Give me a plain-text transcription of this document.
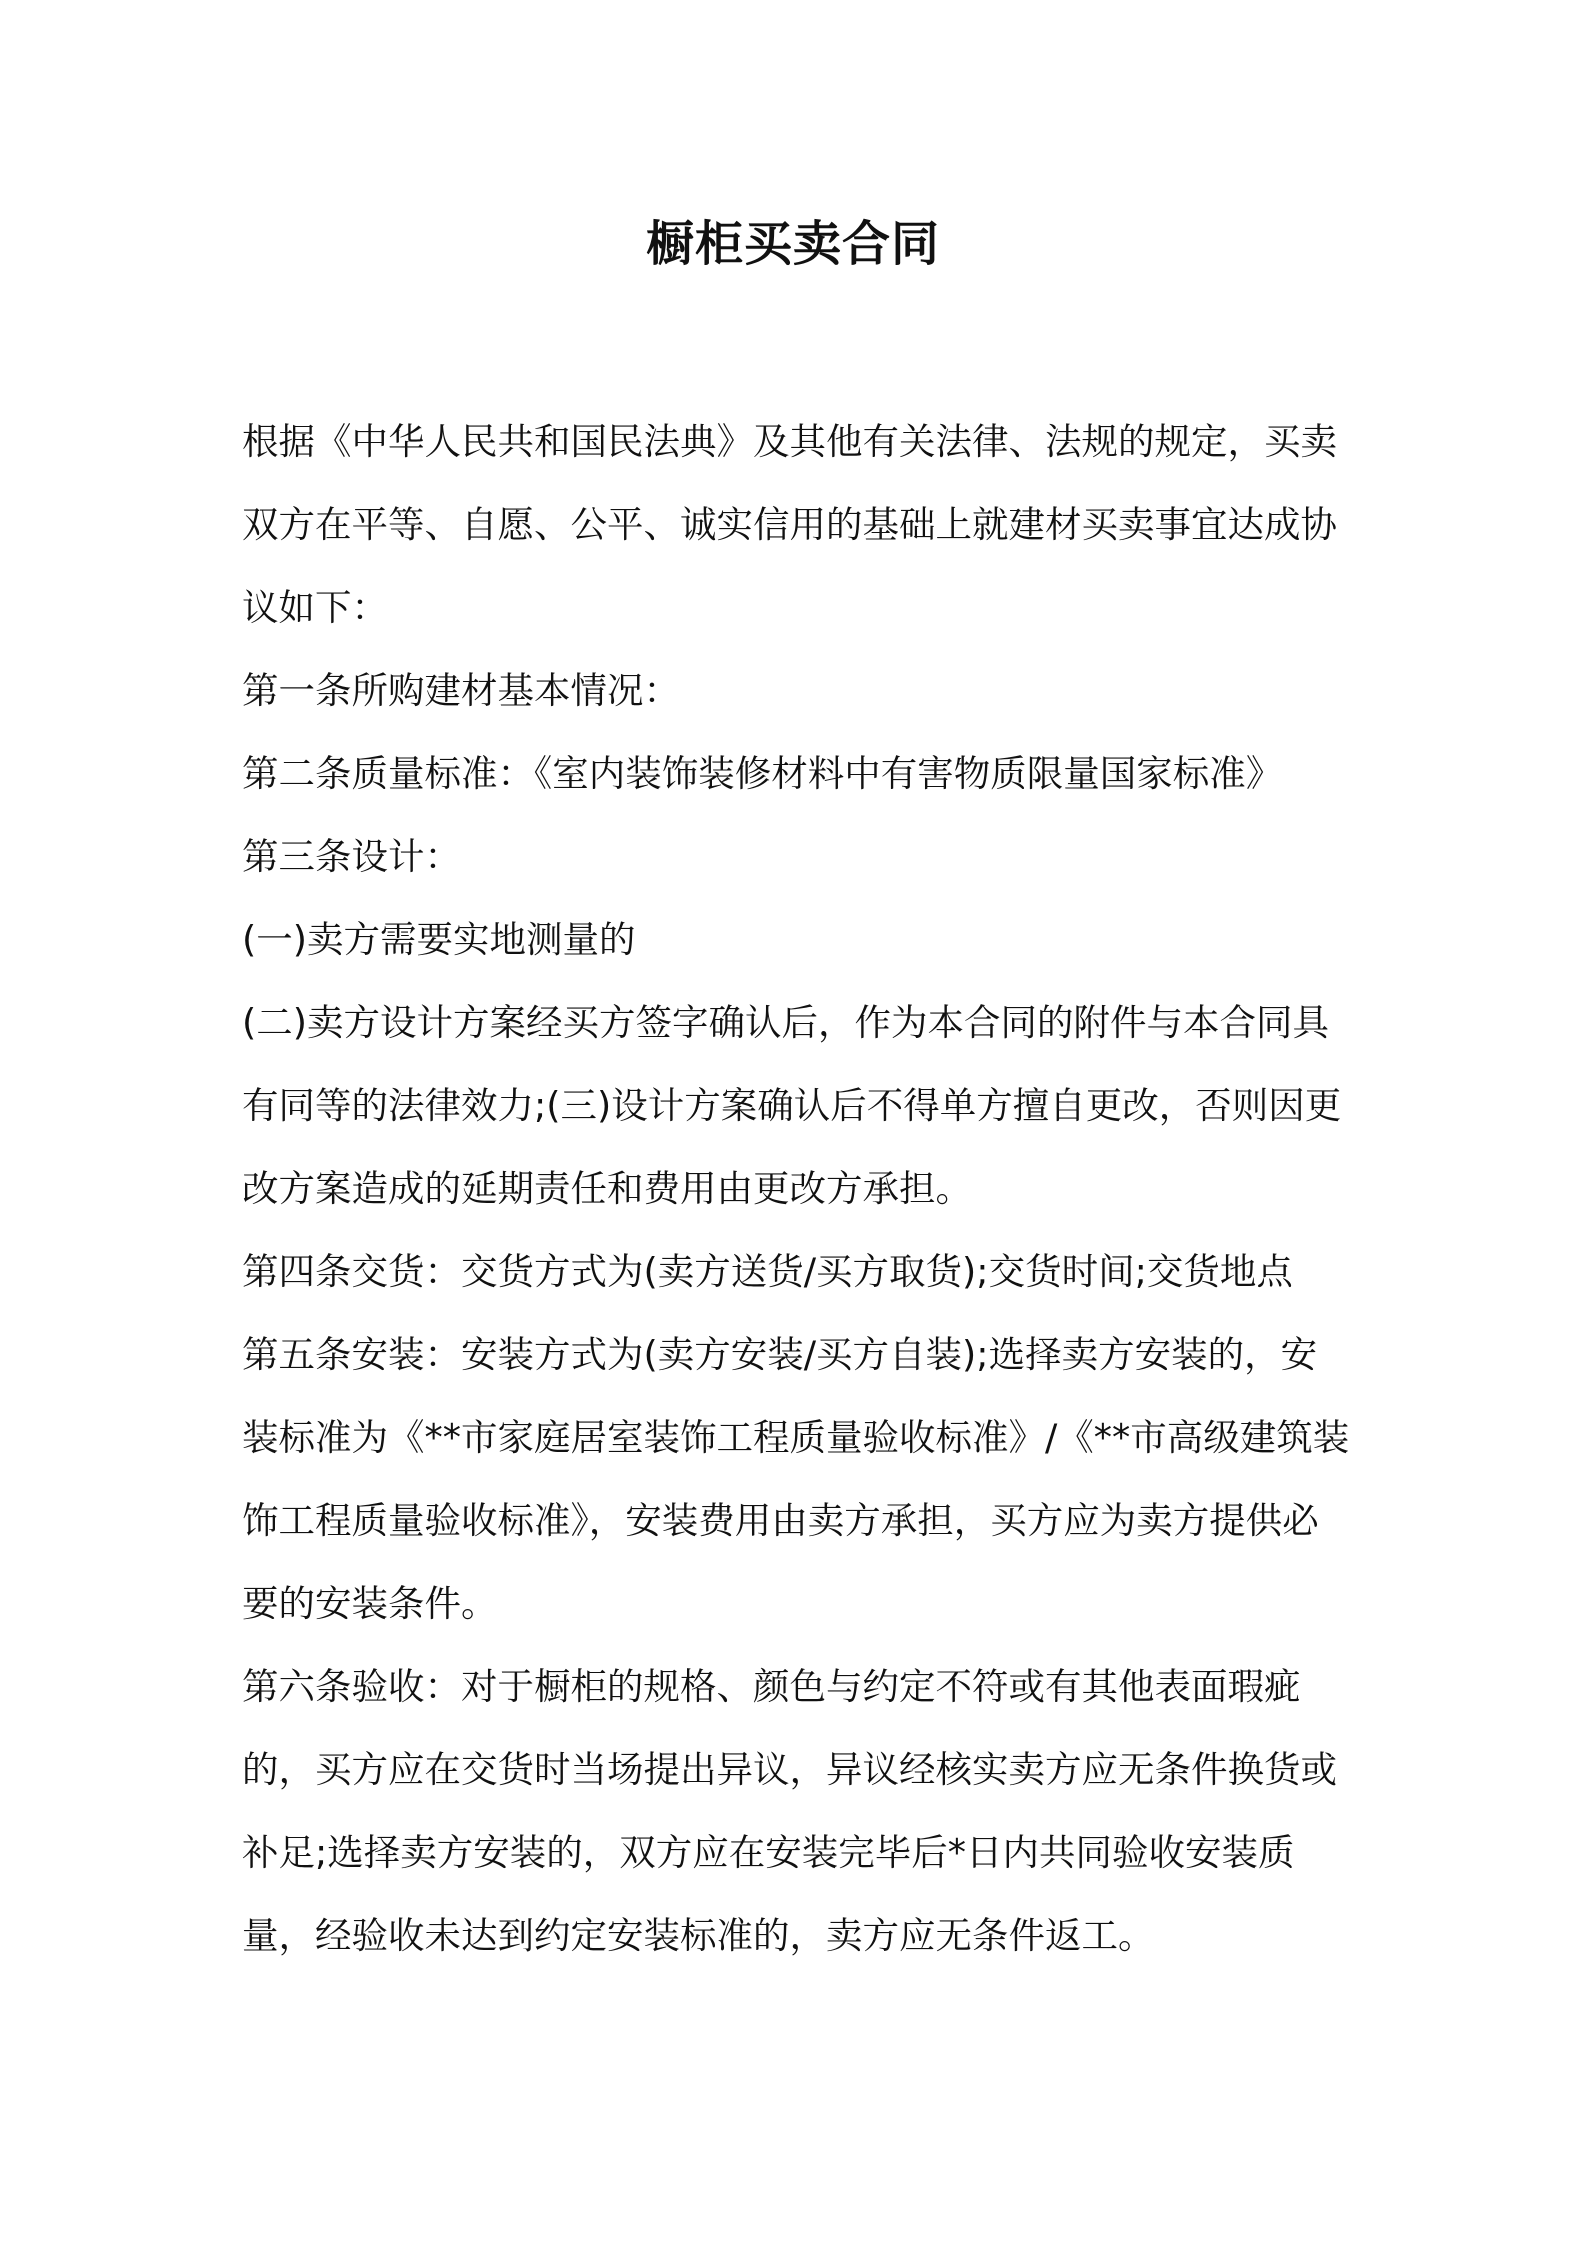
橱柜买卖合同

根据《中华人民共和国民法典》及其他有关法律、法规的规定，买卖双方在平等、自愿、公平、诚实信用的基础上就建材买卖事宜达成协议如下：

第一条所购建材基本情况：

第二条质量标准：《室内装饰装修材料中有害物质限量国家标准》

第三条设计：

(一)卖方需要实地测量的

(二)卖方设计方案经买方签字确认后，作为本合同的附件与本合同具有同等的法律效力;(三)设计方案确认后不得单方擅自更改，否则因更改方案造成的延期责任和费用由更改方承担。

第四条交货：交货方式为(卖方送货/买方取货);交货时间;交货地点

第五条安装：安装方式为(卖方安装/买方自装);选择卖方安装的，安装标准为《**市家庭居室装饰工程质量验收标准》/《**市高级建筑装饰工程质量验收标准》，安装费用由卖方承担，买方应为卖方提供必要的安装条件。

第六条验收：对于橱柜的规格、颜色与约定不符或有其他表面瑕疵的，买方应在交货时当场提出异议，异议经核实卖方应无条件换货或补足;选择卖方安装的，双方应在安装完毕后*日内共同验收安装质量，经验收未达到约定安装标准的，卖方应无条件返工。
